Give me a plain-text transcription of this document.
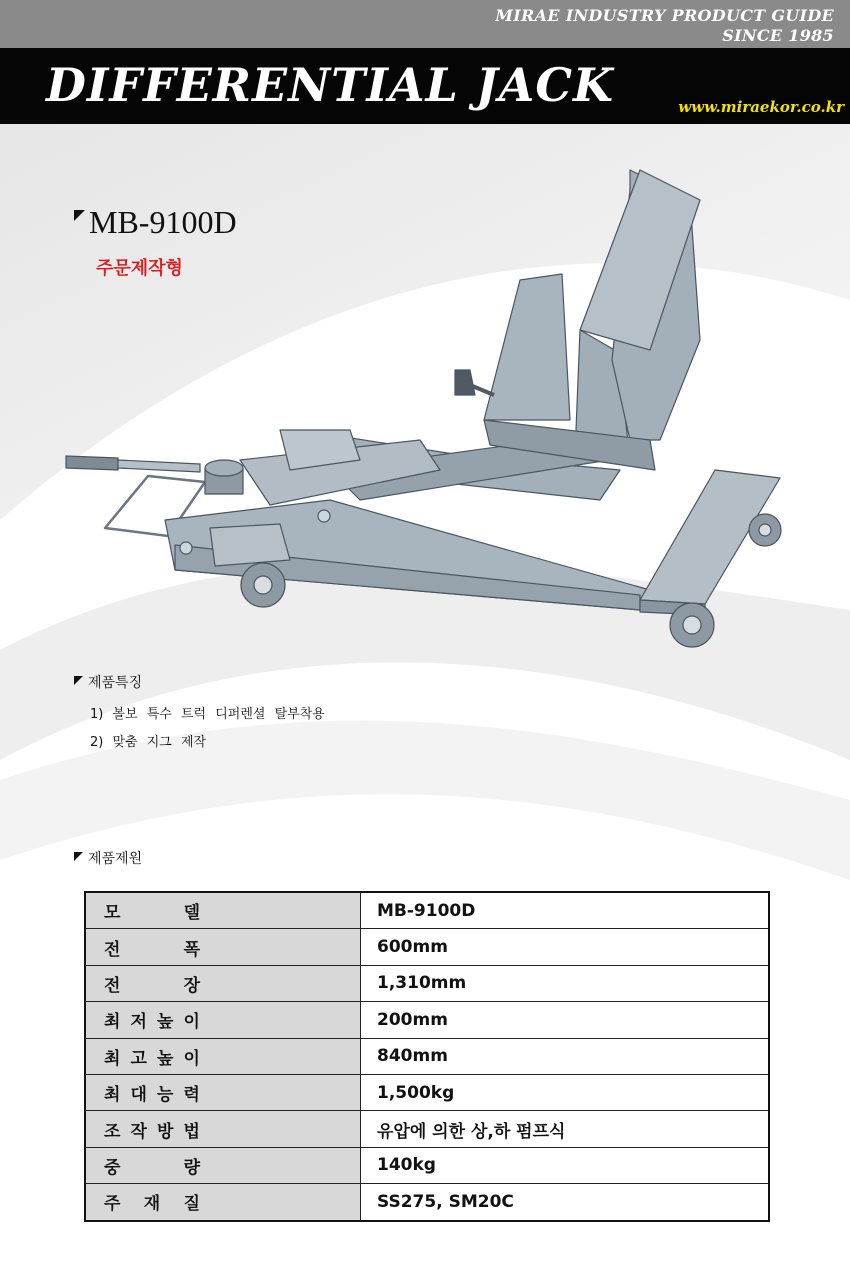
MIRAE INDUSTRY PRODUCT GUIDE
SINCE 1985
DIFFERENTIAL JACK	www.miraekor.co.kr
MB-9100D
주문제작형
제품특징
1) 볼보 특수 트럭 디퍼렌셜 탈부착용
2) 맞춤 지그 제작
제품제원
모 델	MB-9100D

전 폭	600mm

전 장	1,310mm

최 저 높 이	200mm

최 고 높 이	840mm

최 대 능 력	1,500kg

조 작 방 법	유압에 의한 상,하 펌프식

중 량	140kg

주 재 질	SS275, SM20C
